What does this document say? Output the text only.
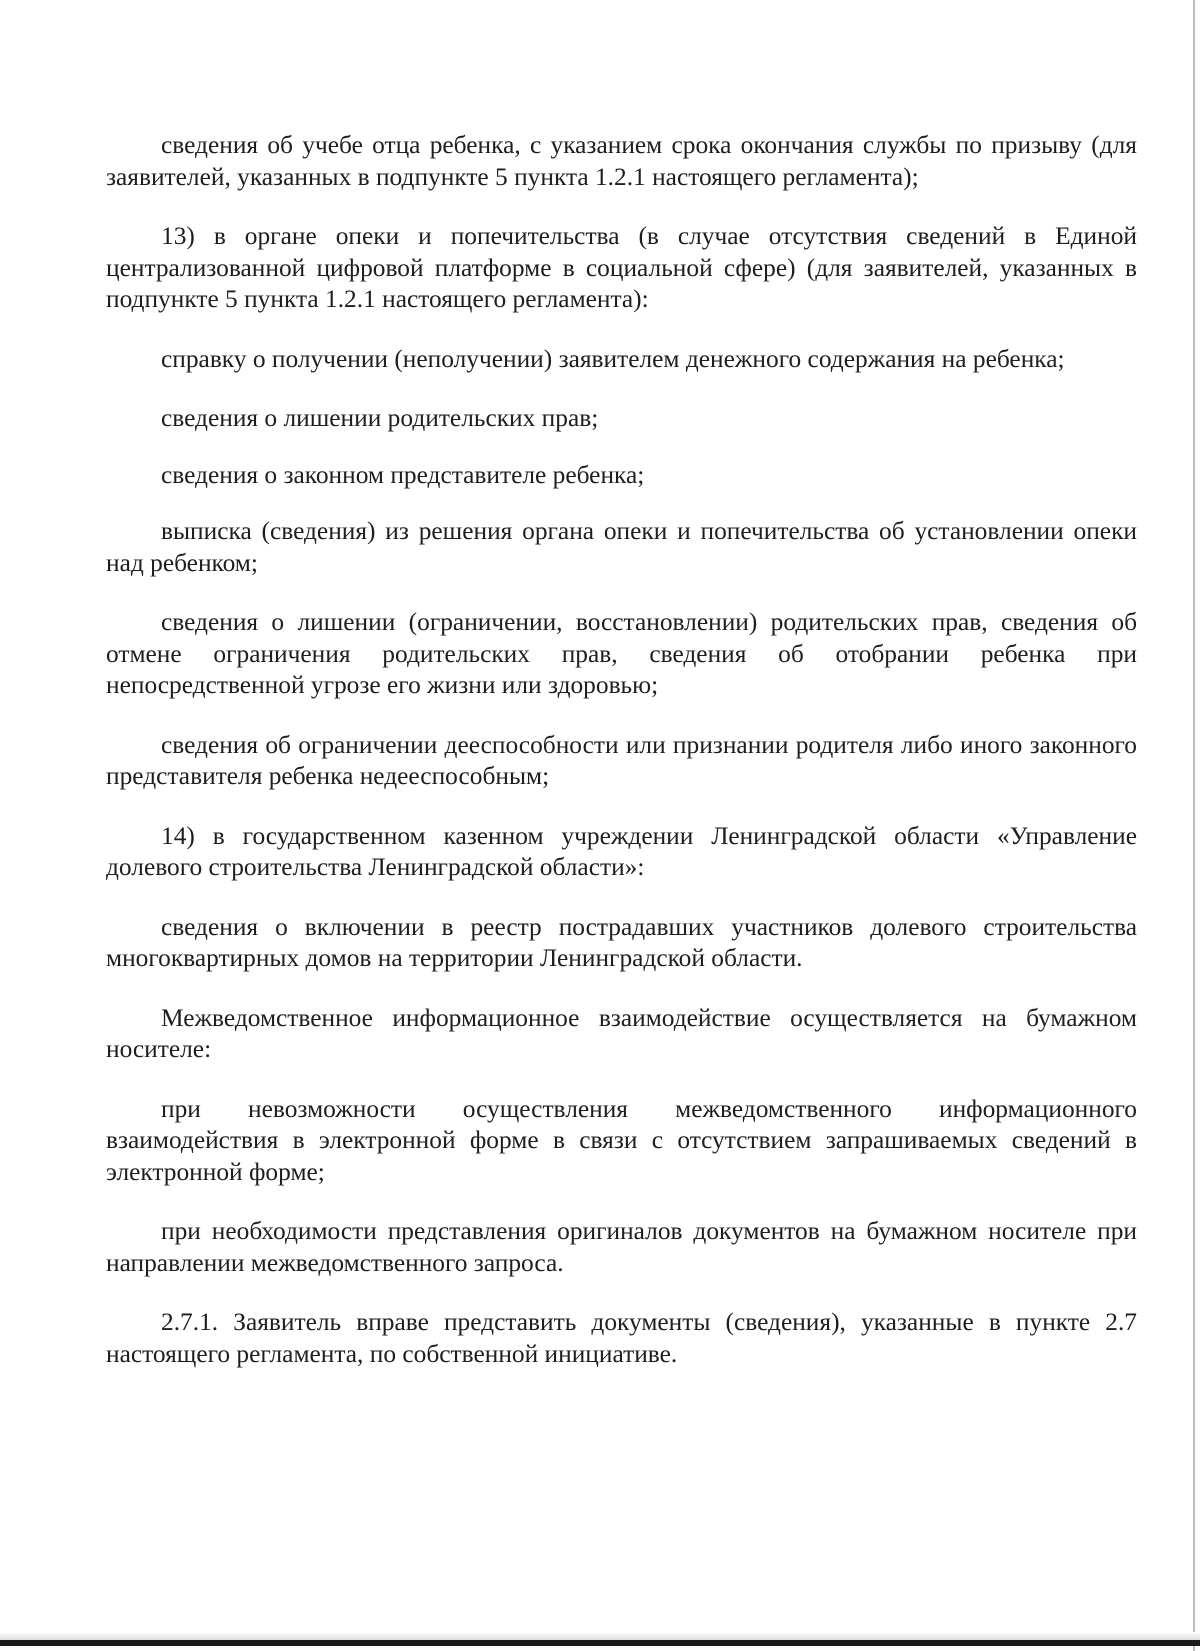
сведения об учебе отца ребенка, с указанием срока окончания службы по призыву (для заявителей, указанных в подпункте 5 пункта 1.2.1 настоящего регламента);

13) в органе опеки и попечительства (в случае отсутствия сведений в Единой централизованной цифровой платформе в социальной сфере) (для заявителей, указанных в подпункте 5 пункта 1.2.1 настоящего регламента):

справку о получении (неполучении) заявителем денежного содержания на ребенка;

сведения о лишении родительских прав;

сведения о законном представителе ребенка;

выписка (сведения) из решения органа опеки и попечительства об установлении опеки над ребенком;

сведения о лишении (ограничении, восстановлении) родительских прав, сведения об отмене ограничения родительских прав, сведения об отобрании ребенка при непосредственной угрозе его жизни или здоровью;

сведения об ограничении дееспособности или признании родителя либо иного законного представителя ребенка недееспособным;

14) в государственном казенном учреждении Ленинградской области «Управление долевого строительства Ленинградской области»:

сведения о включении в реестр пострадавших участников долевого строительства многоквартирных домов на территории Ленинградской области.

Межведомственное информационное взаимодействие осуществляется на бумажном носителе:

при невозможности осуществления межведомственного информационного взаимодействия в электронной форме в связи с отсутствием запрашиваемых сведений в электронной форме;

при необходимости представления оригиналов документов на бумажном носителе при направлении межведомственного запроса.

2.7.1. Заявитель вправе представить документы (сведения), указанные в пункте 2.7 настоящего регламента, по собственной инициативе.
